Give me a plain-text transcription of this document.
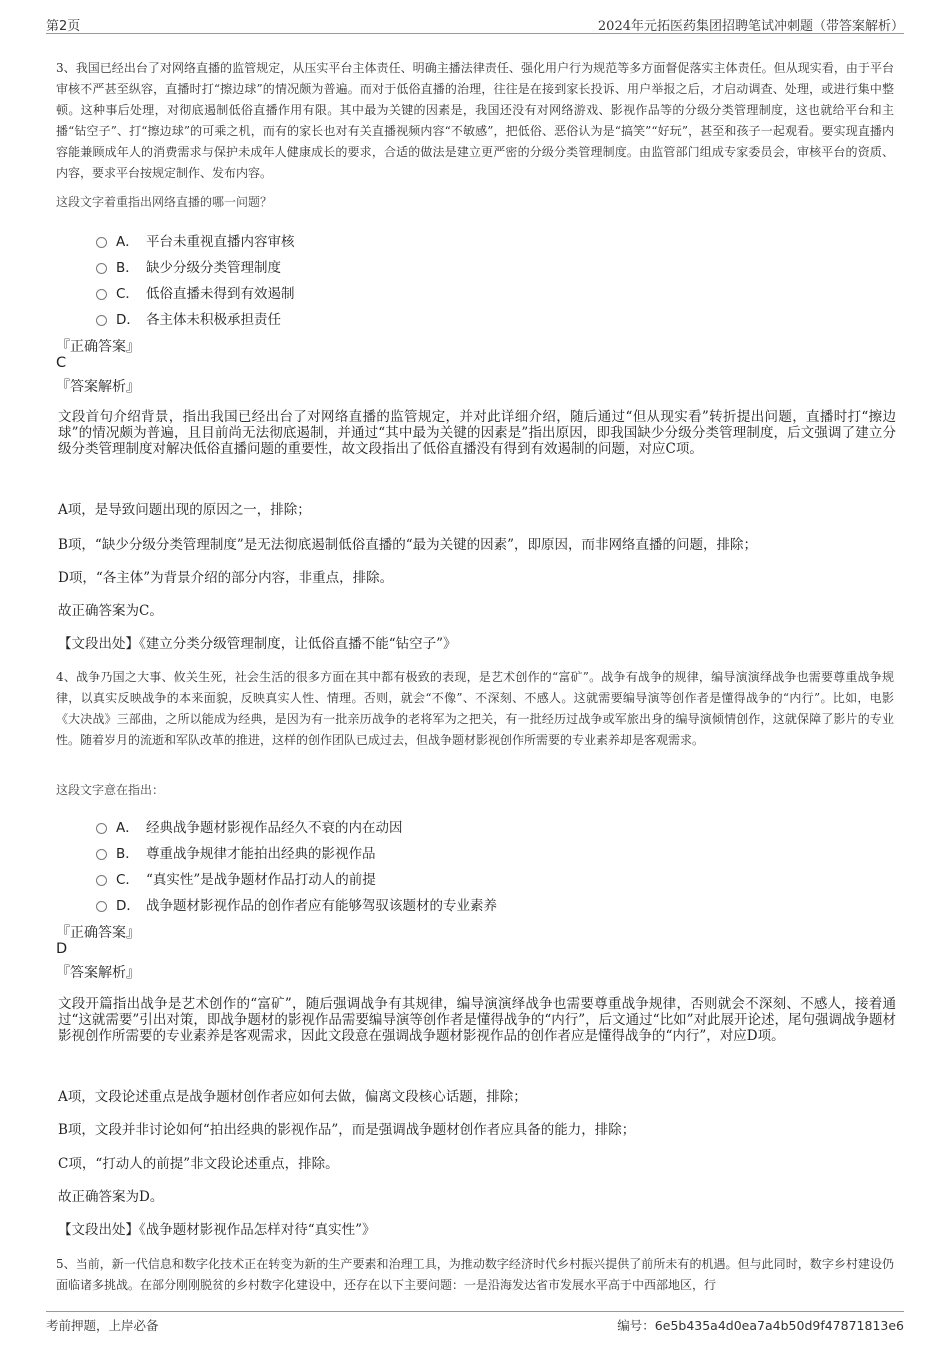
第2页	2024年元拓医药集团招聘笔试冲刺题（带答案解析）
3、我国已经出台了对网络直播的监管规定，从压实平台主体责任、明确主播法律责任、强化用户行为规范等多方面督促落实主体责任。但从现实看，由于平台审核不严甚至纵容，直播时打“擦边球”的情况颇为普遍。而对于低俗直播的治理，往往是在接到家长投诉、用户举报之后，才启动调查、处理，或进行集中整顿。这种事后处理，对彻底遏制低俗直播作用有限。其中最为关键的因素是，我国还没有对网络游戏、影视作品等的分级分类管理制度，这也就给平台和主播“钻空子”、打“擦边球”的可乘之机，而有的家长也对有关直播视频内容“不敏感”，把低俗、恶俗认为是“搞笑”“好玩”，甚至和孩子一起观看。要实现直播内容能兼顾成年人的消费需求与保护未成年人健康成长的要求，合适的做法是建立更严密的分级分类管理制度。由监管部门组成专家委员会，审核平台的资质、内容，要求平台按规定制作、发布内容。
这段文字着重指出网络直播的哪一问题？
A． 平台未重视直播内容审核
B． 缺少分级分类管理制度
C． 低俗直播未得到有效遏制
D． 各主体未积极承担责任
『正确答案』
C
『答案解析』
文段首句介绍背景，指出我国已经出台了对网络直播的监管规定，并对此详细介绍，随后通过“但从现实看”转折提出问题，直播时打“擦边球”的情况颇为普遍，且目前尚无法彻底遏制，并通过“其中最为关键的因素是”指出原因，即我国缺少分级分类管理制度，后文强调了建立分级分类管理制度对解决低俗直播问题的重要性，故文段指出了低俗直播没有得到有效遏制的问题，对应C项。
A项，是导致问题出现的原因之一，排除；
B项，“缺少分级分类管理制度”是无法彻底遏制低俗直播的“最为关键的因素”，即原因，而非网络直播的问题，排除；
D项，“各主体”为背景介绍的部分内容，非重点，排除。
故正确答案为C。
【文段出处】《建立分类分级管理制度，让低俗直播不能“钻空子”》
4、战争乃国之大事、攸关生死，社会生活的很多方面在其中都有极致的表现，是艺术创作的“富矿”。战争有战争的规律，编导演演绎战争也需要尊重战争规律，以真实反映战争的本来面貌，反映真实人性、情理。否则，就会“不像”、不深刻、不感人。这就需要编导演等创作者是懂得战争的“内行”。比如，电影《大决战》三部曲，之所以能成为经典，是因为有一批亲历战争的老将军为之把关，有一批经历过战争或军旅出身的编导演倾情创作，这就保障了影片的专业性。随着岁月的流逝和军队改革的推进，这样的创作团队已成过去，但战争题材影视创作所需要的专业素养却是客观需求。
这段文字意在指出：
A． 经典战争题材影视作品经久不衰的内在动因
B． 尊重战争规律才能拍出经典的影视作品
C． “真实性”是战争题材作品打动人的前提
D． 战争题材影视作品的创作者应有能够驾驭该题材的专业素养
『正确答案』
D
『答案解析』
文段开篇指出战争是艺术创作的“富矿”，随后强调战争有其规律，编导演演绎战争也需要尊重战争规律，否则就会不深刻、不感人，接着通过“这就需要”引出对策，即战争题材的影视作品需要编导演等创作者是懂得战争的“内行”，后文通过“比如”对此展开论述，尾句强调战争题材影视创作所需要的专业素养是客观需求，因此文段意在强调战争题材影视作品的创作者应是懂得战争的“内行”，对应D项。
A项，文段论述重点是战争题材创作者应如何去做，偏离文段核心话题，排除；
B项，文段并非讨论如何“拍出经典的影视作品”，而是强调战争题材创作者应具备的能力，排除；
C项，“打动人的前提”非文段论述重点，排除。
故正确答案为D。
【文段出处】《战争题材影视作品怎样对待“真实性”》
5、当前，新一代信息和数字化技术正在转变为新的生产要素和治理工具，为推动数字经济时代乡村振兴提供了前所未有的机遇。但与此同时，数字乡村建设仍面临诸多挑战。在部分刚刚脱贫的乡村数字化建设中，还存在以下主要问题：一是沿海发达省市发展水平高于中西部地区，行
考前押题，上岸必备	编号：6e5b435a4d0ea7a4b50d9f47871813e6
